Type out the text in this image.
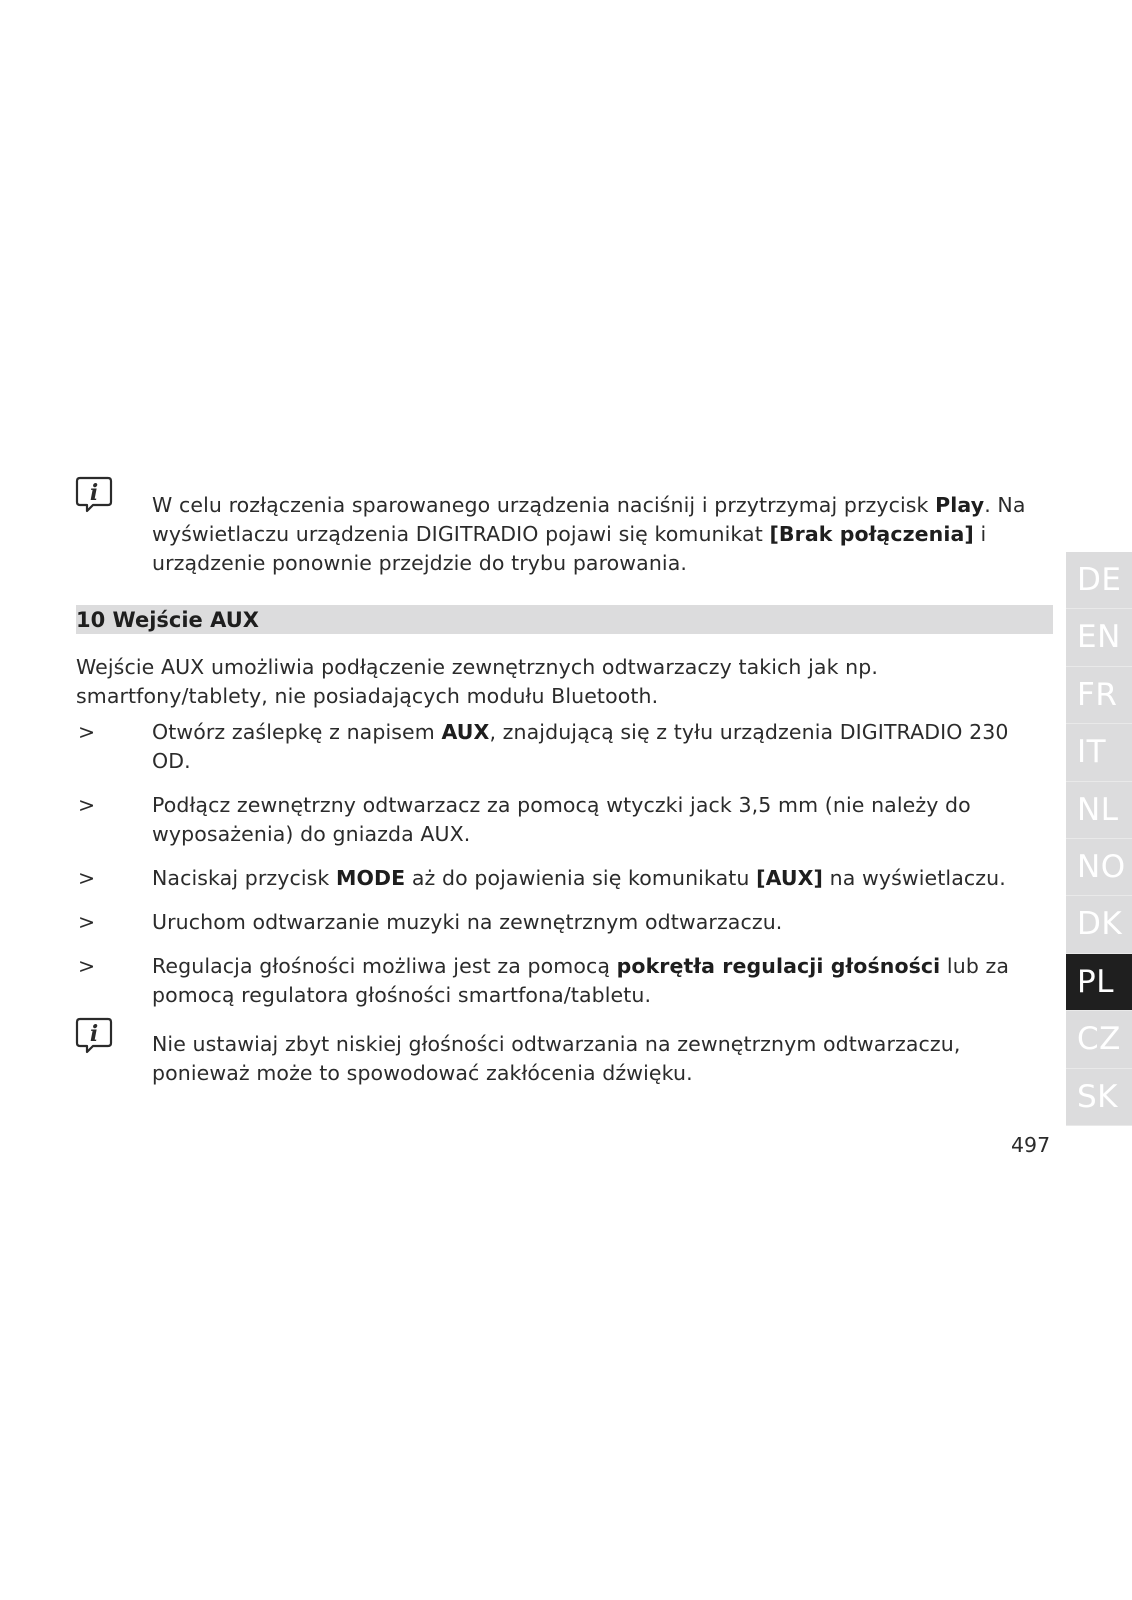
i	W celu rozłączenia sparowanego urządzenia naciśnij i przytrzymaj przycisk Play. Na wyświetlaczu urządzenia DIGITRADIO pojawi się komunikat [Brak połączenia] i urządzenie ponownie przejdzie do trybu parowania.
10 Wejście AUX
Wejście AUX umożliwia podłączenie zewnętrznych odtwarzaczy takich jak np. smartfony/tablety, nie posiadających modułu Bluetooth.
>	Otwórz zaślepkę z napisem AUX, znajdującą się z tyłu urządzenia DIGITRADIO 230 OD.
>	Podłącz zewnętrzny odtwarzacz za pomocą wtyczki jack 3,5 mm (nie należy do wyposażenia) do gniazda AUX.
>	Naciskaj przycisk MODE aż do pojawienia się komunikatu [AUX] na wyświetlaczu.
>	Uruchom odtwarzanie muzyki na zewnętrznym odtwarzaczu.
>	Regulacja głośności możliwa jest za pomocą pokrętła regulacji głośności lub za pomocą regulatora głośności smartfona/tabletu.
i	Nie ustawiaj zbyt niskiej głośności odtwarzania na zewnętrznym odtwarzaczu, ponieważ może to spowodować zakłócenia dźwięku.
DE
EN
FR
IT
NL
NO
DK
PL
CZ
SK
497
